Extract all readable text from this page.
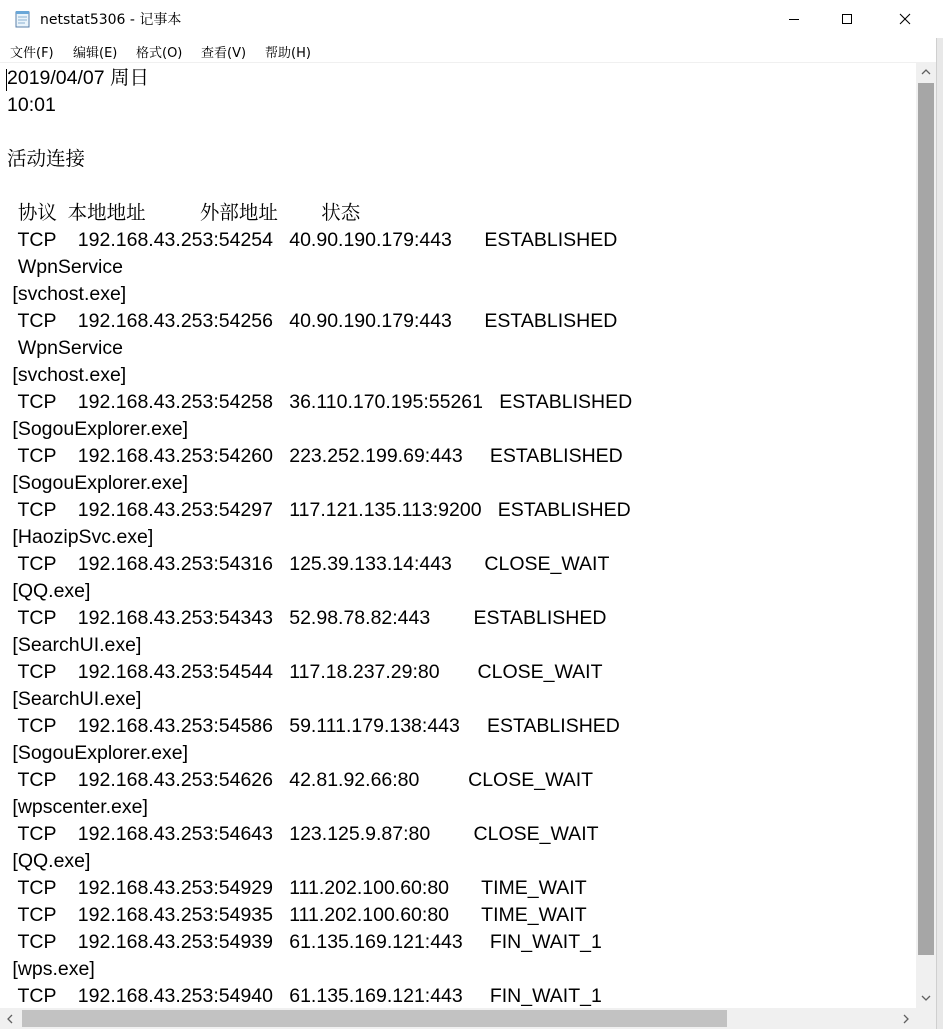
netstat5306 - 记事本
文件(F) 编辑(E) 格式(O) 查看(V) 帮助(H)
2019/04/07 周日
10:01

活动连接

协议  本地地址          外部地址        状态
TCP    192.168.43.253:54254   40.90.190.179:443      ESTABLISHED
WpnService
[svchost.exe]
TCP    192.168.43.253:54256   40.90.190.179:443      ESTABLISHED
WpnService
[svchost.exe]
TCP    192.168.43.253:54258   36.110.170.195:55261   ESTABLISHED
[SogouExplorer.exe]
TCP    192.168.43.253:54260   223.252.199.69:443     ESTABLISHED
[SogouExplorer.exe]
TCP    192.168.43.253:54297   117.121.135.113:9200   ESTABLISHED
[HaozipSvc.exe]
TCP    192.168.43.253:54316   125.39.133.14:443      CLOSE_WAIT
[QQ.exe]
TCP    192.168.43.253:54343   52.98.78.82:443        ESTABLISHED
[SearchUI.exe]
TCP    192.168.43.253:54544   117.18.237.29:80       CLOSE_WAIT
[SearchUI.exe]
TCP    192.168.43.253:54586   59.111.179.138:443     ESTABLISHED
[SogouExplorer.exe]
TCP    192.168.43.253:54626   42.81.92.66:80         CLOSE_WAIT
[wpscenter.exe]
TCP    192.168.43.253:54643   123.125.9.87:80        CLOSE_WAIT
[QQ.exe]
TCP    192.168.43.253:54929   111.202.100.60:80      TIME_WAIT
TCP    192.168.43.253:54935   111.202.100.60:80      TIME_WAIT
TCP    192.168.43.253:54939   61.135.169.121:443     FIN_WAIT_1
[wps.exe]
TCP    192.168.43.253:54940   61.135.169.121:443     FIN_WAIT_1
